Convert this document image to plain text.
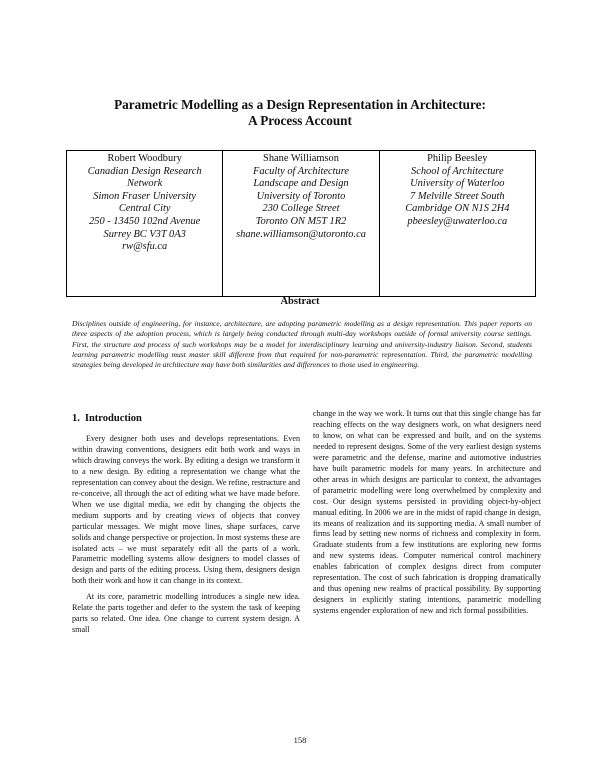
Parametric Modelling as a Design Representation in Architecture:
A Process Account
Robert Woodbury
Canadian Design Research
Network
Simon Fraser University
Central City
250 - 13450 102nd Avenue
Surrey BC V3T 0A3
rw@sfu.ca
Shane Williamson
Faculty of Architecture
Landscape and Design
University of Toronto
230 College Street
Toronto ON M5T 1R2
shane.williamson@utoronto.ca
Philip Beesley
School of Architecture
University of Waterloo
7 Melville Street South
Cambridge ON N1S 2H4
pbeesley@uwaterloo.ca
Abstract
Disciplines outside of engineering, for instance, architecture, are adopting parametric modelling as a design representation. This paper reports on three aspects of the adoption process, which is largely being conducted through multi-day workshops outside of formal university course settings. First, the structure and process of such workshops may be a model for interdisciplinary learning and university-industry liaison. Second, students learning parametric modelling must master skill different from that required for non-parametric representation. Third, the parametric modelling strategies being developed in architecture may have both similarities and differences to those used in engineering.
1. Introduction

Every designer both uses and develops representations. Even within drawing conventions, designers edit both work and ways in which drawing conveys the work. By editing a design we transform it to a new design. By editing a representation we change what the representation can convey about the design. We refine, restructure and re-conceive, all through the act of editing what we have made before. When we use digital media, we edit by changing the objects the medium supports and by creating views of objects that convey particular messages. We might move lines, shape surfaces, carve solids and change perspective or projection. In most systems these are isolated acts – we must separately edit all the parts of a work. Parametric modelling systems allow designers to model classes of design and parts of the editing process. Using them, designers design both their work and how it can change in its context.

At its core, parametric modelling introduces a single new idea. Relate the parts together and defer to the system the task of keeping parts so related. One idea. One change to current system design. A small

change in the way we work. It turns out that this single change has far reaching effects on the way designers work, on what designers need to know, on what can be expressed and built, and on the systems needed to represent designs. Some of the very earliest design systems were parametric and the defense, marine and automotive industries have built parametric models for many years. In architecture and other areas in which designs are particular to context, the advantages of parametric modelling were long overwhelmed by complexity and cost. Our design systems persisted in providing object-by-object manual editing. In 2006 we are in the midst of rapid change in design, its means of realization and its supporting media. A small number of firms lead by setting new norms of richness and complexity in form. Graduate students from a few institutions are exploring new forms and new systems ideas. Computer numerical control machinery enables fabrication of complex designs direct from computer representation. The cost of such fabrication is dropping dramatically and thus opening new realms of practical possibility. By supporting designers in explicitly stating intentions, parametric modelling systems engender exploration of new and rich formal possibilities.

158
